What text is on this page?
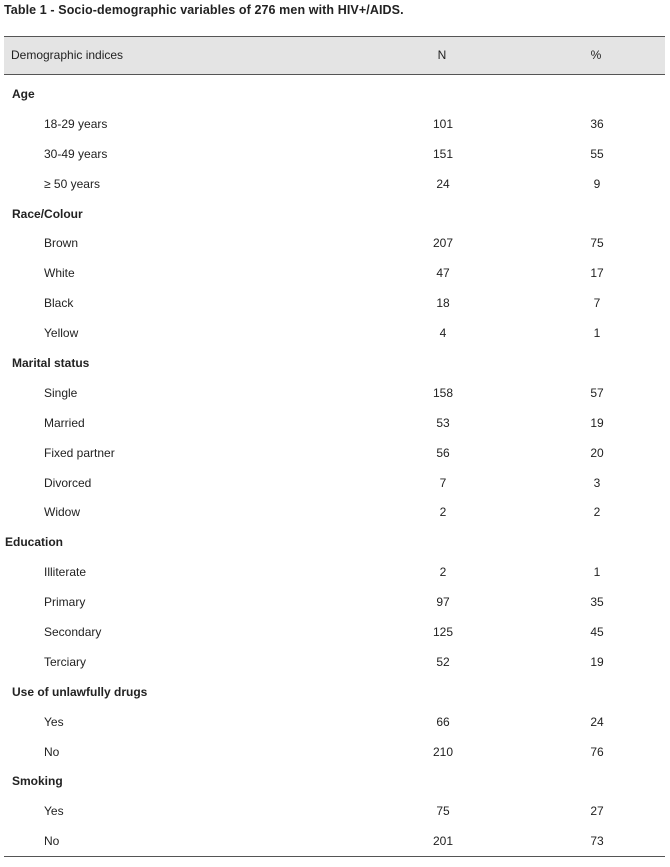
Table 1 - Socio-demographic variables of 276 men with HIV+/AIDS.
Demographic indices	N	%
Age
18-29 years	101	36
30-49 years	151	55
≥ 50 years	24	9
Race/Colour
Brown	207	75
White	47	17
Black	18	7
Yellow	4	1
Marital status
Single	158	57
Married	53	19
Fixed partner	56	20
Divorced	7	3
Widow	2	2
Education
Illiterate	2	1
Primary	97	35
Secondary	125	45
Terciary	52	19
Use of unlawfully drugs
Yes	66	24
No	210	76
Smoking
Yes	75	27
No	201	73
